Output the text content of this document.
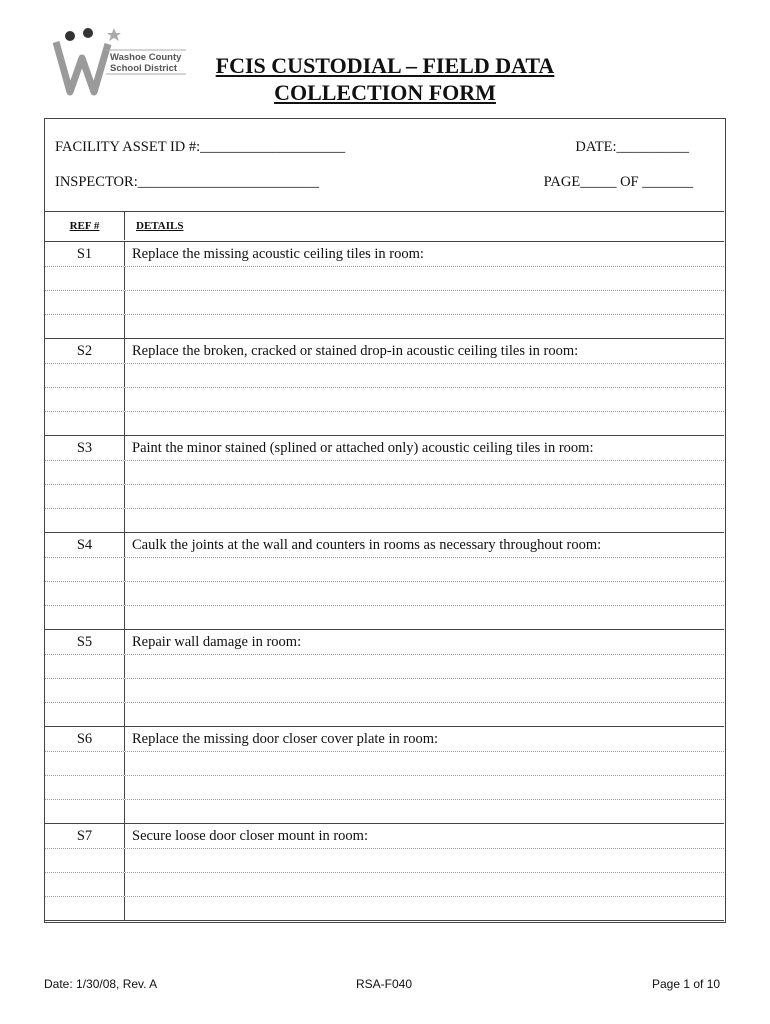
Washoe County
School District	FCIS CUSTODIAL – FIELD DATA
COLLECTION FORM
FACILITY ASSET ID #:____________________	DATE:__________
INSPECTOR:_________________________	PAGE_____ OF _______
REF #	DETAILS
S1	Replace the missing acoustic ceiling tiles in room:
S2	Replace the broken, cracked or stained drop-in acoustic ceiling tiles in room:
S3	Paint the minor stained (splined or attached only) acoustic ceiling tiles in room:
S4	Caulk the joints at the wall and counters in rooms as necessary throughout room:
S5	Repair wall damage in room:
S6	Replace the missing door closer cover plate in room:
S7	Secure loose door closer mount in room:
Date: 1/30/08, Rev. A	RSA-F040	Page 1 of 10
